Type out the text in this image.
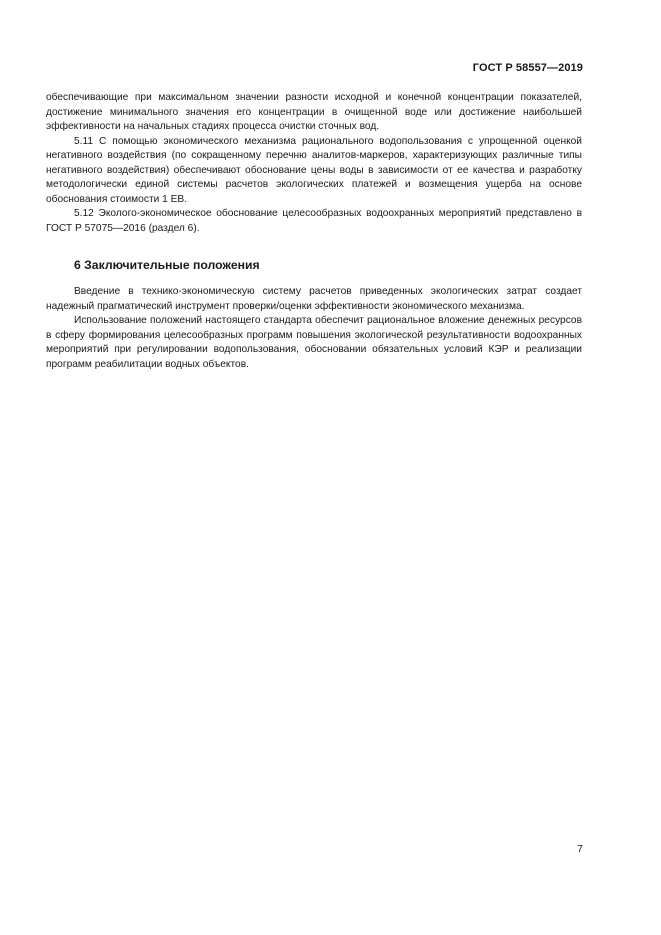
ГОСТ Р 58557—2019

обеспечивающие при максимальном значении разности исходной и конечной концентрации показателей, достижение минимального значения его концентрации в очищенной воде или достижение наибольшей эффективности на начальных стадиях процесса очистки сточных вод.

5.11 С помощью экономического механизма рационального водопользования с упрощенной оценкой негативного воздействия (по сокращенному перечню аналитов-маркеров, характеризующих различные типы негативного воздействия) обеспечивают обоснование цены воды в зависимости от ее качества и разработку методологически единой системы расчетов экологических платежей и возмещения ущерба на основе обоснования стоимости 1 ЕВ.

5.12 Эколого-экономическое обоснование целесообразных водоохранных мероприятий представлено в ГОСТ Р 57075—2016 (раздел 6).

6 Заключительные положения

Введение в технико-экономическую систему расчетов приведенных экологических затрат создает надежный прагматический инструмент проверки/оценки эффективности экономического механизма.

Использование положений настоящего стандарта обеспечит рациональное вложение денежных ресурсов в сферу формирования целесообразных программ повышения экологической результативности водоохранных мероприятий при регулировании водопользования, обосновании обязательных условий КЭР и реализации программ реабилитации водных объектов.

7
